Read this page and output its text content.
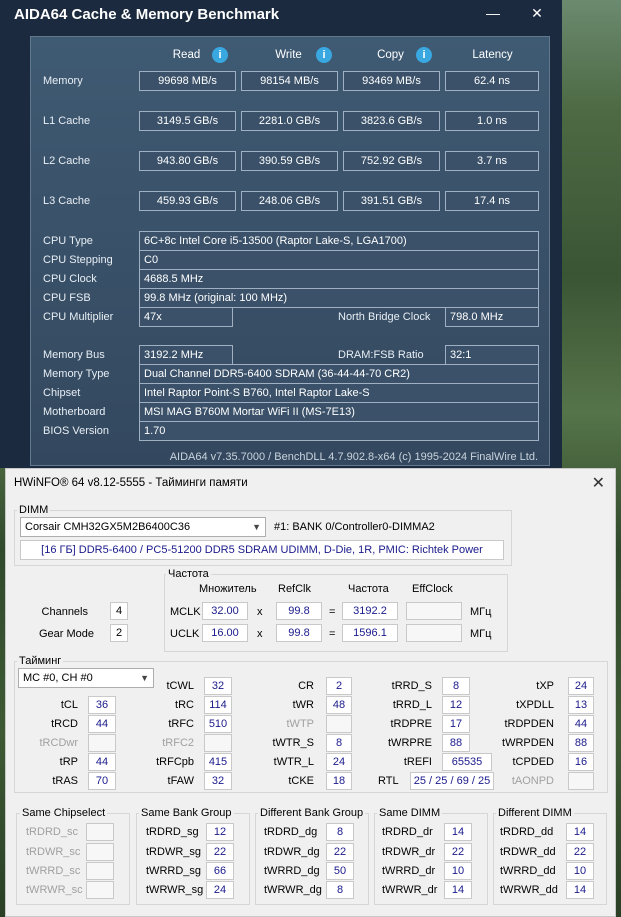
AIDA64 Cache & Memory Benchmark	—	✕
Read	i	Write	i	Copy	i	Latency
Memory	99698 MB/s	98154 MB/s	93469 MB/s	62.4 ns
L1 Cache	3149.5 GB/s	2281.0 GB/s	3823.6 GB/s	1.0 ns
L2 Cache	943.80 GB/s	390.59 GB/s	752.92 GB/s	3.7 ns
L3 Cache	459.93 GB/s	248.06 GB/s	391.51 GB/s	17.4 ns
CPU Type	6C+8c Intel Core i5-13500 (Raptor Lake-S, LGA1700)
CPU Stepping	C0
CPU Clock	4688.5 MHz
CPU FSB	99.8 MHz (original: 100 MHz)
CPU Multiplier	47x	North Bridge Clock	798.0 MHz
Memory Bus	3192.2 MHz	DRAM:FSB Ratio	32:1
Memory Type	Dual Channel DDR5-6400 SDRAM (36-44-44-70 CR2)
Chipset	Intel Raptor Point-S B760, Intel Raptor Lake-S
Motherboard	MSI MAG B760M Mortar WiFi II (MS-7E13)
BIOS Version	1.70
AIDA64 v7.35.7000 / BenchDLL 4.7.902.8-x64 (c) 1995-2024 FinalWire Ltd.
HWiNFO® 64 v8.12-5555 - Тайминги памяти	✕
DIMM
Corsair CMH32GX5M2B6400C36	▼ #1: BANK 0/Controller0-DIMMA2
[16 ГБ] DDR5-6400 / PC5-51200 DDR5 SDRAM UDIMM, D-Die, 1R, PMIC: Richtek Power
Частота
Множитель RefClk	Частота EffClock
MCLK 32.00	x	99.8	=	3192.2	МГц
UCLK	16.00	x	99.8	=	1596.1	МГц
Channels	4
Gear Mode	2
Тайминг
MC #0, CH #0	▼
tCL	36
tRCD	44
tRCDwr
tRP	44
tRAS	70
tCWL	32
tRC	114
tRFC	510
tRFC2
tRFCpb	415
tFAW	32
CR	2
tWR	48
tWTP
tWTR_S	8
tWTR_L	24
tCKE	18
tRRD_S	8
tRRD_L	12
tRDPRE	17
tWRPRE	88
tREFI	65535
RTL	25 / 25 / 69 / 25
tXP	24
tXPDLL	13
tRDPDEN	44
tWRPDEN	88
tCPDED	16
tAONPD
Same Chipselect
tRDRD_sc
tRDWR_sc
tWRRD_sc
tWRWR_sc
Same Bank Group
tRDRD_sg	12
tRDWR_sg	22
tWRRD_sg	66
tWRWR_sg 24
Different Bank Group
tRDRD_dg	8
tRDWR_dg	22
tWRRD_dg	50
tWRWR_dg	8
Same DIMM
tRDRD_dr	14
tRDWR_dr	22
tWRRD_dr	10
tWRWR_dr	14
Different DIMM
tRDRD_dd	14
tRDWR_dd	22
tWRRD_dd	10
tWRWR_dd	14
